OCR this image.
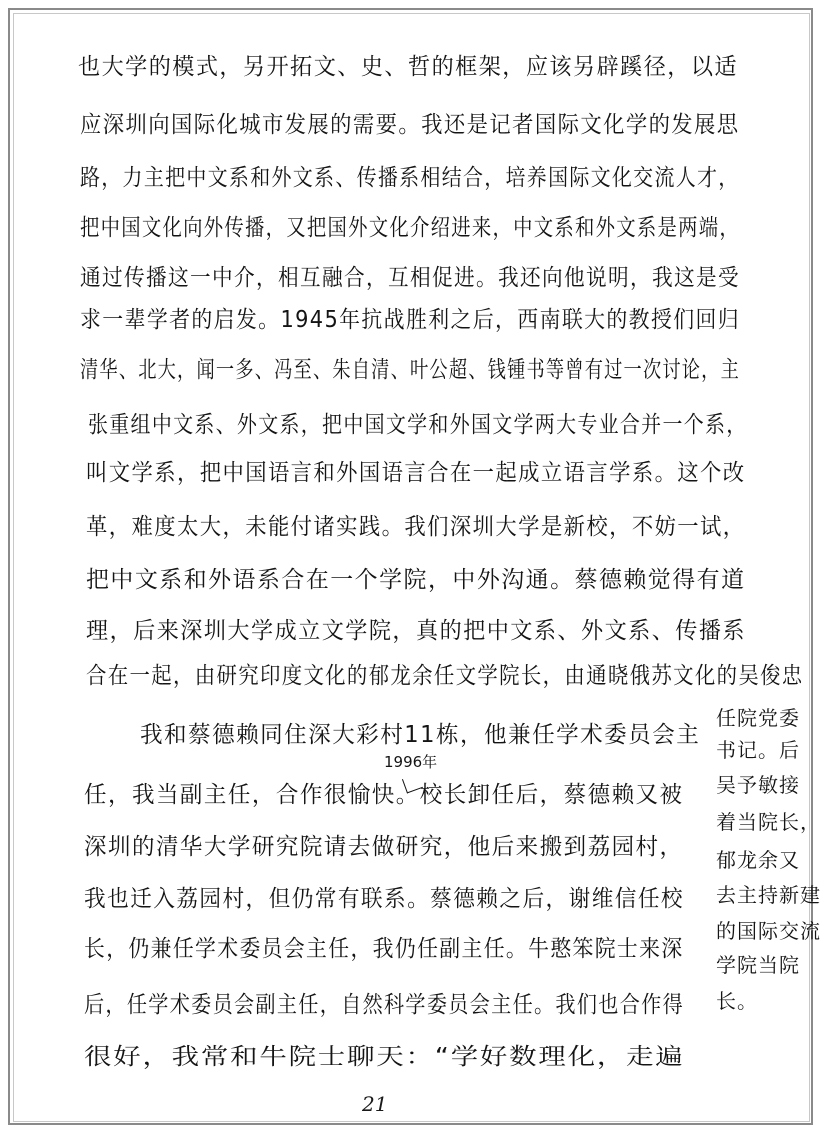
也大学的模式，另开拓文、史、哲的框架，应该另辟蹊径，以适
应深圳向国际化城市发展的需要。我还是记者国际文化学的发展思
路，力主把中文系和外文系、传播系相结合，培养国际文化交流人才，
把中国文化向外传播，又把国外文化介绍进来，中文系和外文系是两端，
通过传播这一中介，相互融合，互相促进。我还向他说明，我这是受
求一辈学者的启发。1945年抗战胜利之后，西南联大的教授们回归
清华、北大，闻一多、冯至、朱自清、叶公超、钱锺书等曾有过一次讨论，主
张重组中文系、外文系，把中国文学和外国文学两大专业合并一个系，
叫文学系，把中国语言和外国语言合在一起成立语言学系。这个改
革，难度太大，未能付诸实践。我们深圳大学是新校，不妨一试，
把中文系和外语系合在一个学院，中外沟通。蔡德赖觉得有道
理，后来深圳大学成立文学院，真的把中文系、外文系、传播系
合在一起，由研究印度文化的郁龙余任文学院长，由通晓俄苏文化的吴俊忠
任院党委
书记。后
吴予敏接
着当院长，
郁龙余又
去主持新建
的国际交流
学院当院
长。
我和蔡德赖同住深大彩村11栋，他兼任学术委员会主
1996年
任，我当副主任，合作很愉快。校长卸任后，蔡德赖又被
深圳的清华大学研究院请去做研究，他后来搬到荔园村，
我也迁入荔园村，但仍常有联系。蔡德赖之后，谢维信任校
长，仍兼任学术委员会主任，我仍任副主任。牛憨笨院士来深
后，任学术委员会副主任，自然科学委员会主任。我们也合作得
很好，我常和牛院士聊天：“学好数理化，走遍
21
